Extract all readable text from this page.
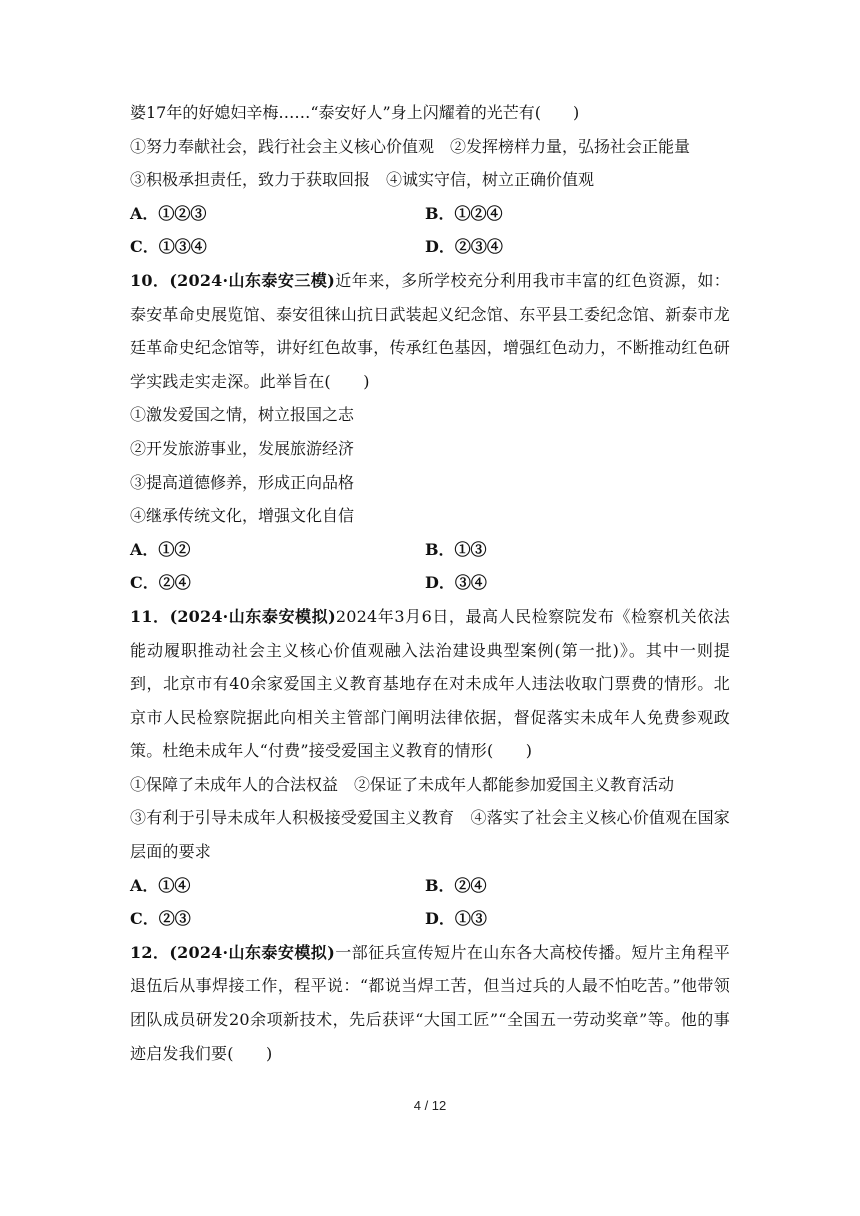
婆17年的好媳妇辛梅……“泰安好人”身上闪耀着的光芒有(　　)
①努力奉献社会，践行社会主义核心价值观　②发挥榜样力量，弘扬社会正能量
③积极承担责任，致力于获取回报　④诚实守信，树立正确价值观
A．①②③	B．①②④
C．①③④	D．②③④
10．(2024·山东泰安三模)近年来，多所学校充分利用我市丰富的红色资源，如：泰安革命史展览馆、泰安徂徕山抗日武装起义纪念馆、东平县工委纪念馆、新泰市龙廷革命史纪念馆等，讲好红色故事，传承红色基因，增强红色动力，不断推动红色研学实践走实走深。此举旨在(　　)
①激发爱国之情，树立报国之志
②开发旅游事业，发展旅游经济
③提高道德修养，形成正向品格
④继承传统文化，增强文化自信
A．①②	B．①③
C．②④	D．③④
11．(2024·山东泰安模拟)2024年3月6日，最高人民检察院发布《检察机关依法能动履职推动社会主义核心价值观融入法治建设典型案例(第一批)》。其中一则提到，北京市有40余家爱国主义教育基地存在对未成年人违法收取门票费的情形。北京市人民检察院据此向相关主管部门阐明法律依据，督促落实未成年人免费参观政策。杜绝未成年人“付费”接受爱国主义教育的情形(　　)
①保障了未成年人的合法权益　②保证了未成年人都能参加爱国主义教育活动
③有利于引导未成年人积极接受爱国主义教育　④落实了社会主义核心价值观在国家层面的要求
A．①④	B．②④
C．②③	D．①③
12．(2024·山东泰安模拟)一部征兵宣传短片在山东各大高校传播。短片主角程平退伍后从事焊接工作，程平说：“都说当焊工苦，但当过兵的人最不怕吃苦。”他带领团队成员研发20余项新技术，先后获评“大国工匠”“全国五一劳动奖章”等。他的事迹启发我们要(　　)
4 / 12
